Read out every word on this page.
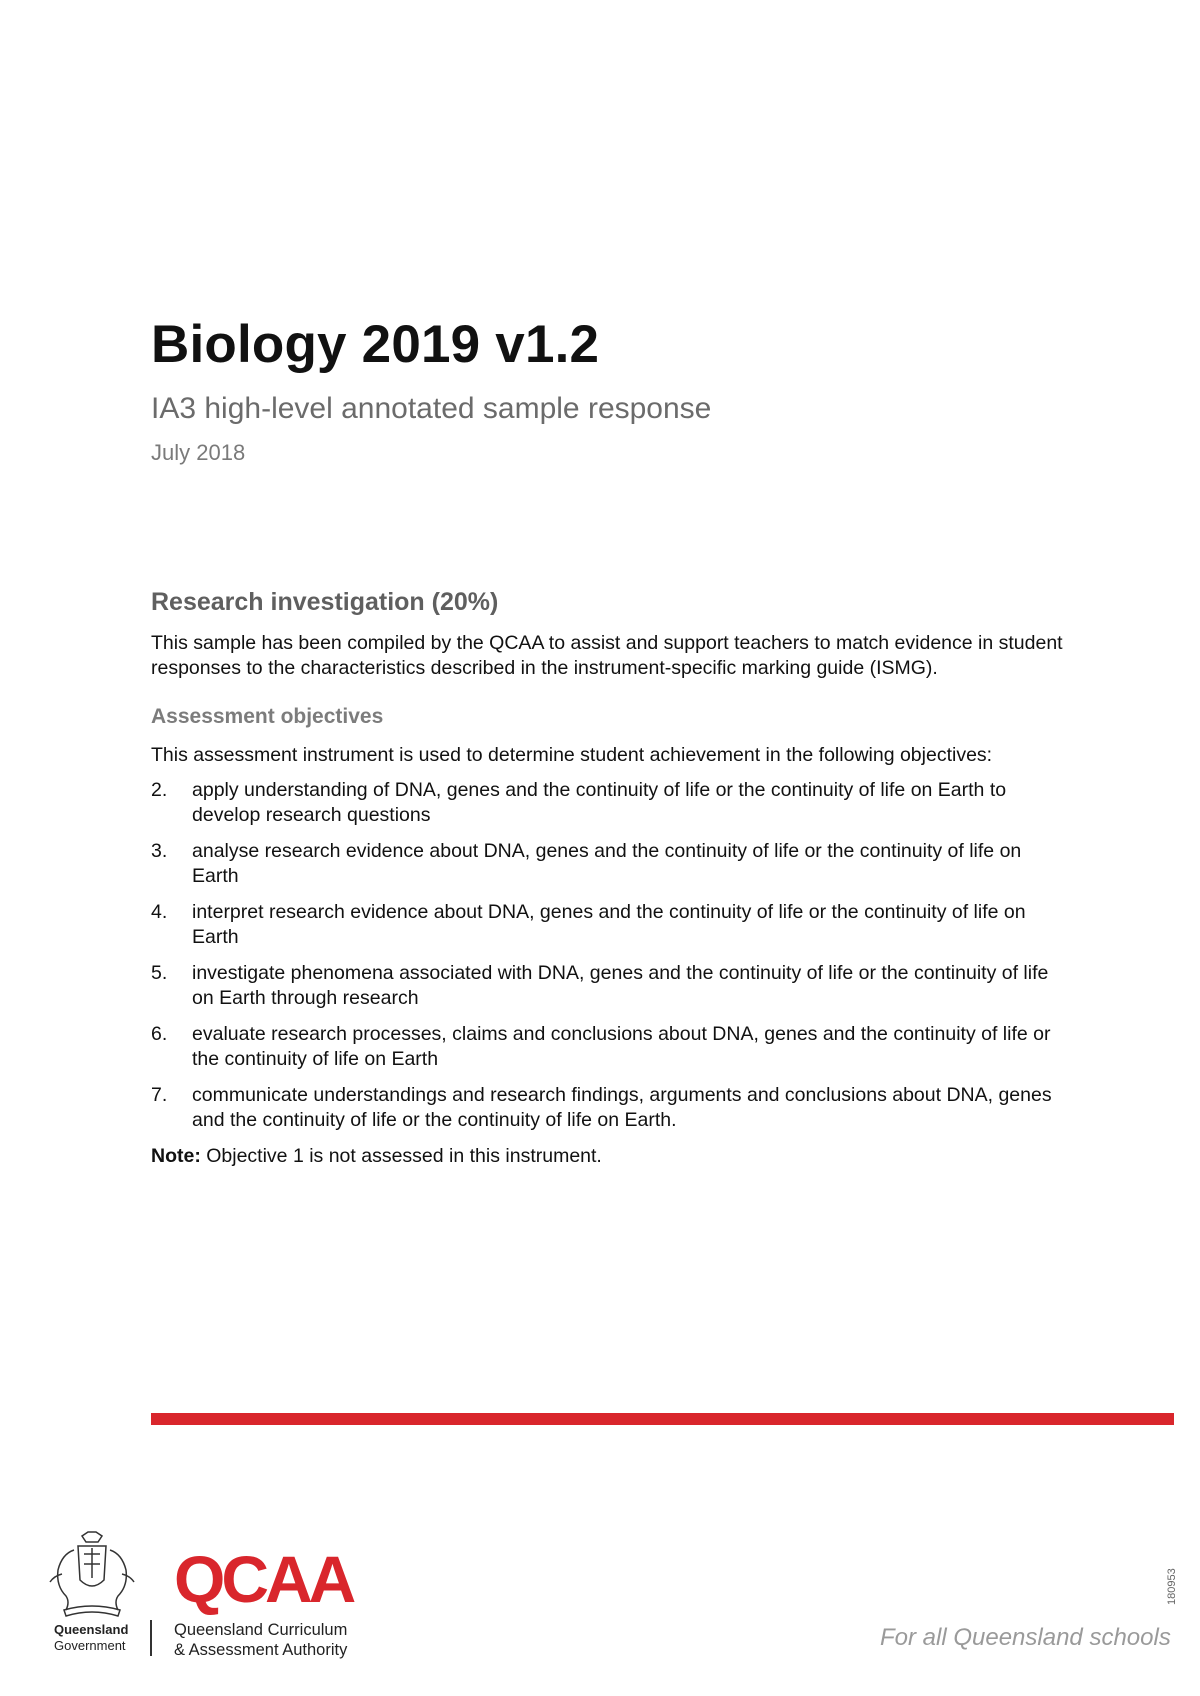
Biology 2019 v1.2
IA3 high-level annotated sample response
July 2018
Research investigation (20%)

This sample has been compiled by the QCAA to assist and support teachers to match evidence in student responses to the characteristics described in the instrument-specific marking guide (ISMG).

Assessment objectives

This assessment instrument is used to determine student achievement in the following objectives:

2. apply understanding of DNA, genes and the continuity of life or the continuity of life on Earth to develop research questions
3. analyse research evidence about DNA, genes and the continuity of life or the continuity of life on Earth
4. interpret research evidence about DNA, genes and the continuity of life or the continuity of life on Earth
5. investigate phenomena associated with DNA, genes and the continuity of life or the continuity of life on Earth through research
6. evaluate research processes, claims and conclusions about DNA, genes and the continuity of life or the continuity of life on Earth
7. communicate understandings and research findings, arguments and conclusions about DNA, genes and the continuity of life or the continuity of life on Earth.

Note: Objective 1 is not assessed in this instrument.

Queensland
Government
QCAA
Queensland Curriculum
& Assessment Authority	For all Queensland schools
180953
